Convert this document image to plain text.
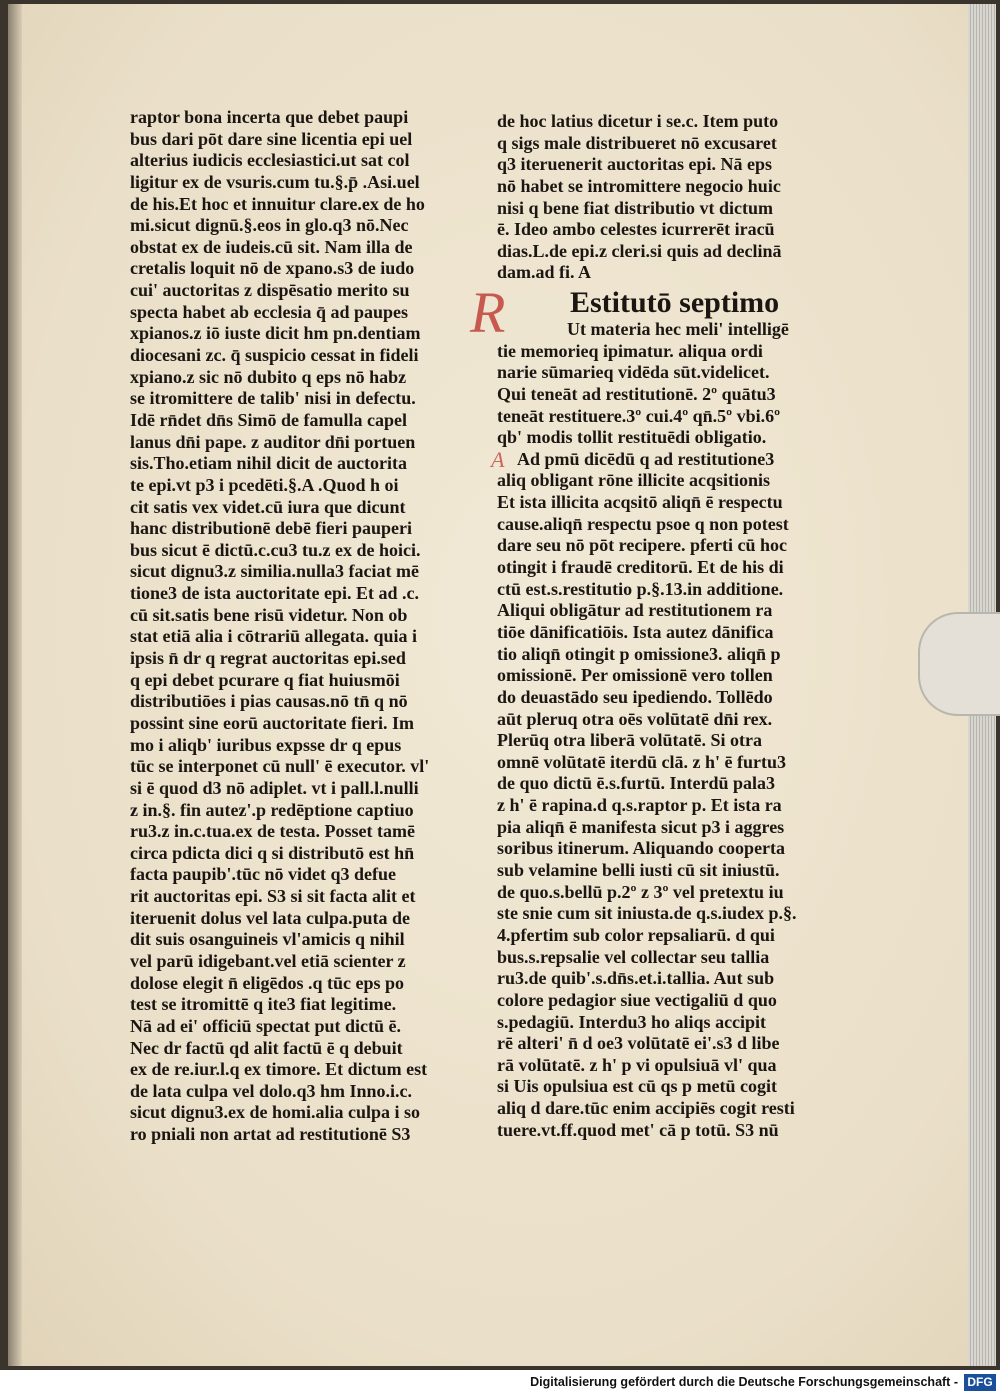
raptor bona incerta que debet paupi
bus dari pōt dare sine licentia epi uel
alterius iudicis ecclesiastici.ut sat col
ligitur ex de vsuris.cum tu.§.p̄ .Asi.uel
de his.Et hoc et innuitur clare.ex de ho
mi.sicut dignū.§.eos in glo.q3 nō.Nec
obstat ex de iudeis.cū sit. Nam illa de
cretalis loquit nō de xpano.s3 de iudo
cui' auctoritas z dispēsatio merito su
specta habet ab ecclesia q̄ ad paupes
xpianos.z iō iuste dicit hm pn.dentiam
diocesani zc. q̄ suspicio cessat in fideli
xpiano.z sic nō dubito q eps nō habz
se itromittere de talib' nisi in defectu.
Idē rn̄det dn̄s Simō de famulla capel
lanus dn̄i pape. z auditor dn̄i portuen
sis.Tho.etiam nihil dicit de auctorita
te epi.vt p3 i pcedēti.§.A .Quod h oi
cit satis vex videt.cū iura que dicunt
hanc distributionē debē fieri pauperi
bus sicut ē dictū.c.cu3 tu.z ex de hoici.
sicut dignu3.z similia.nulla3 faciat mē
tione3 de ista auctoritate epi. Et ad .c.
cū sit.satis bene risū videtur. Non ob
stat etiā alia i cōtrariū allegata. quia i
ipsis n̄ dr q regrat auctoritas epi.sed
q epi debet pcurare q fiat huiusmōi
distributiōes i pias causas.nō tn̄ q nō
possint sine eorū auctoritate fieri. Im
mo i aliqb' iuribus expsse dr q epus
tūc se interponet cū null' ē executor. vl'
si ē quod d3 nō adiplet. vt i pall.l.nulli
z in.§. fin autez'.p redēptione captiuo
ru3.z in.c.tua.ex de testa. Posset tamē
circa pdicta dici q si distributō est hn̄
facta paupib'.tūc nō videt q3 defue
rit auctoritas epi. S3 si sit facta alit et
iteruenit dolus vel lata culpa.puta de
dit suis osanguineis vl'amicis q nihil
vel parū idigebant.vel etiā scienter z
dolose elegit n̄ eligēdos .q tūc eps po
test se itromittē q ite3 fiat legitime.
Nā ad ei' officiū spectat put dictū ē.
Nec dr factū qd alit factū ē q debuit
ex de re.iur.l.q ex timore. Et dictum est
de lata culpa vel dolo.q3 hm Inno.i.c.
sicut dignu3.ex de homi.alia culpa i so
ro pniali non artat ad restitutionē S3
de hoc latius dicetur i se.c. Item puto
q sigs male distribueret nō excusaret
q3 iteruenerit auctoritas epi. Nā eps
nō habet se intromittere negocio huic
nisi q bene fiat distributio vt dictum
ē. Ideo ambo celestes icurrerēt iracū
dias.L.de epi.z cleri.si quis ad declinā
dam.ad fi. A
R Estitutō septimo
A
Ut materia hec meli' intelligē
tie memorieq ipimatur. aliqua ordi
narie sūmarieq vidēda sūt.videlicet.
Qui teneāt ad restitutionē. 2º quātu3
teneāt restituere.3º cui.4º qn̄.5º vbi.6º
qb' modis tollit restituēdi obligatio.
Ad pmū dicēdū q ad restitutione3
aliq obligant rōne illicite acqsitionis
Et ista illicita acqsitō aliqn̄ ē respectu
cause.aliqn̄ respectu psoe q non potest
dare seu nō pōt recipere. pferti cū hoc
otingit i fraudē creditorū. Et de his di
ctū est.s.restitutio p.§.13.in additione.
Aliqui obligātur ad restitutionem ra
tiōe dānificatiōis. Ista autez dānifica
tio aliqn̄ otingit p omissione3. aliqn̄ p
omissionē. Per omissionē vero tollen
do deuastādo seu ipediendo. Tollēdo
aūt pleruq otra oēs volūtatē dn̄i rex.
Plerūq otra liberā volūtatē. Si otra
omnē volūtatē iterdū clā. z h' ē furtu3
de quo dictū ē.s.furtū. Interdū pala3
z h' ē rapina.d q.s.raptor p. Et ista ra
pia aliqn̄ ē manifesta sicut p3 i aggres
soribus itinerum. Aliquando cooperta
sub velamine belli iusti cū sit iniustū.
de quo.s.bellū p.2º z 3º vel pretextu iu
ste snie cum sit iniusta.de q.s.iudex p.§.
4.pfertim sub color repsaliarū. d qui
bus.s.repsalie vel collectar seu tallia
ru3.de quib'.s.dn̄s.et.i.tallia. Aut sub
colore pedagior siue vectigaliū d quo
s.pedagiū. Interdu3 ho aliqs accipit
rē alteri' n̄ d oe3 volūtatē ei'.s3 d libe
rā volūtatē. z h' p vi opulsiuā vl' qua
si Uis opulsiua est cū qs p metū cogit
aliq d dare.tūc enim accipiēs cogit resti
tuere.vt.ff.quod met' cā p totū. S3 nū
Digitalisierung gefördert durch die Deutsche Forschungsgemeinschaft - DFG
